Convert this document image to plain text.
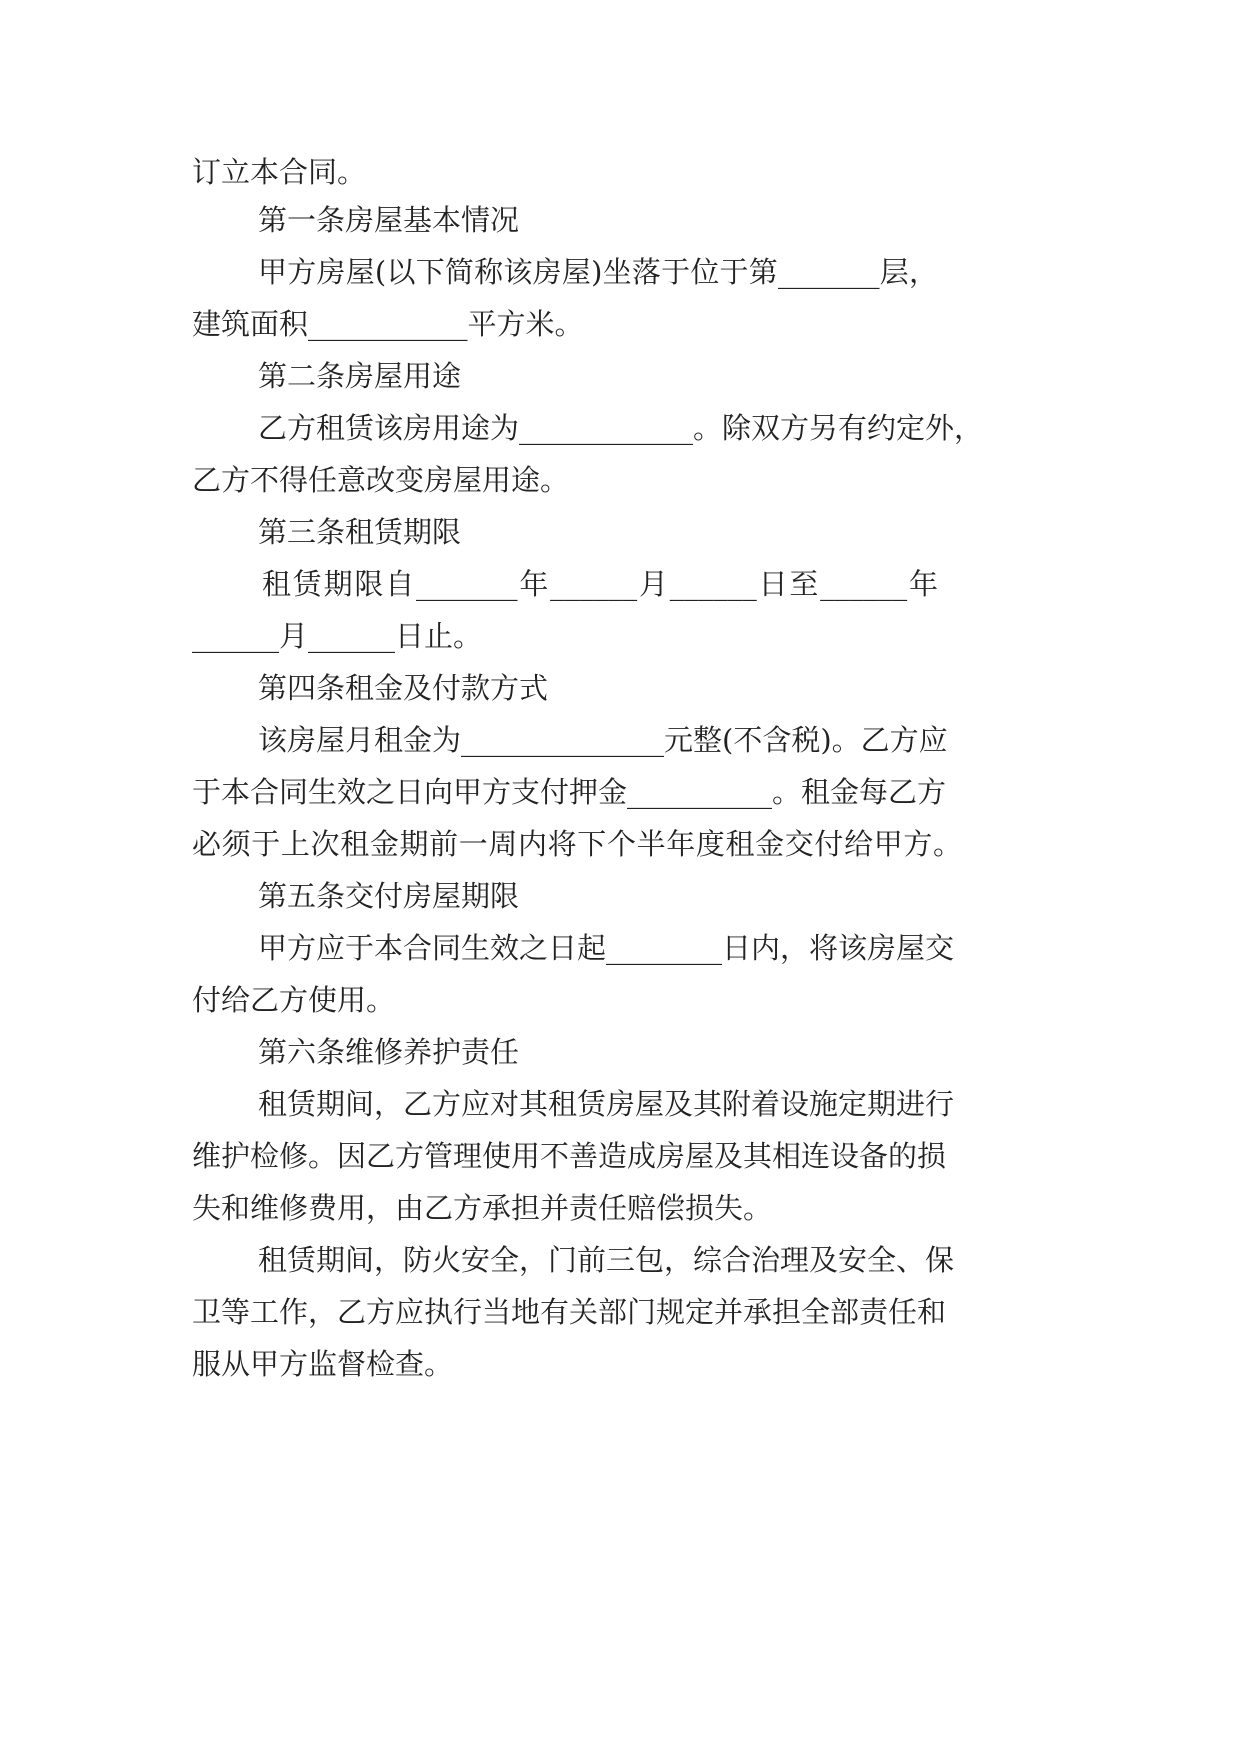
订立本合同。
第一条房屋基本情况
甲方房屋(以下简称该房屋)坐落于位于第_______层，
建筑面积___________平方米。
第二条房屋用途
乙方租赁该房用途为____________。除双方另有约定外，
乙方不得任意改变房屋用途。
第三条租赁期限
租赁期限自_______年______月______日至______年
______月______日止。
第四条租金及付款方式
该房屋月租金为______________元整(不含税)。乙方应
于本合同生效之日向甲方支付押金__________。租金每乙方
必须于上次租金期前一周内将下个半年度租金交付给甲方。
第五条交付房屋期限
甲方应于本合同生效之日起________日内，将该房屋交
付给乙方使用。
第六条维修养护责任
租赁期间，乙方应对其租赁房屋及其附着设施定期进行
维护检修。因乙方管理使用不善造成房屋及其相连设备的损
失和维修费用，由乙方承担并责任赔偿损失。
租赁期间，防火安全，门前三包，综合治理及安全、保
卫等工作，乙方应执行当地有关部门规定并承担全部责任和
服从甲方监督检查。
